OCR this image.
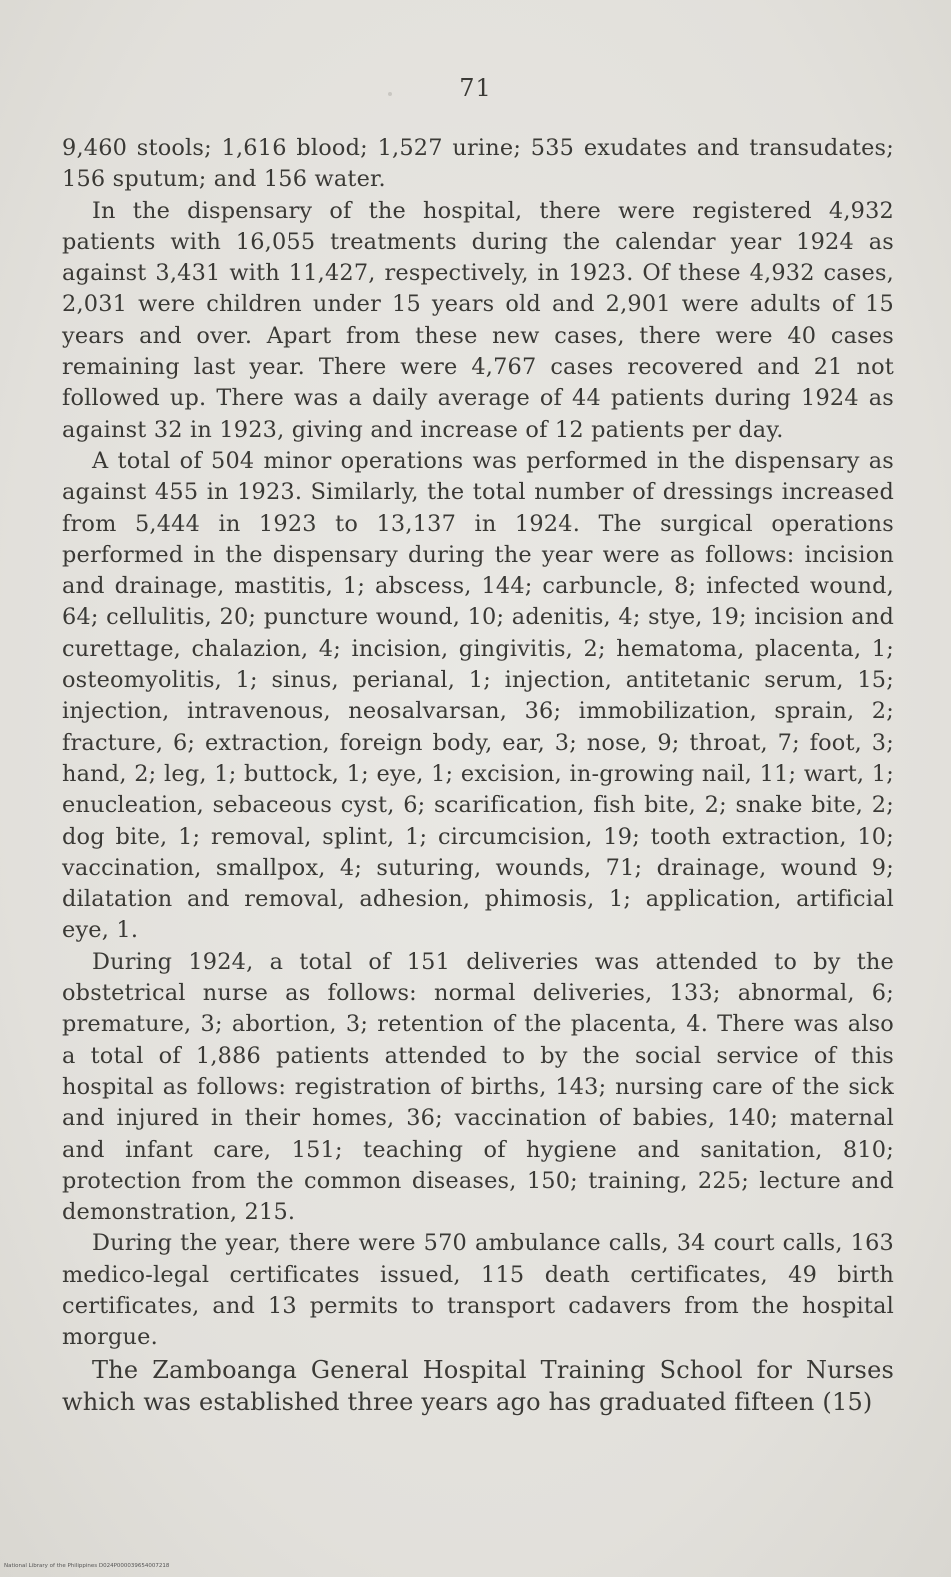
71

9,460 stools; 1,616 blood; 1,527 urine; 535 exudates and transudates; 156 sputum; and 156 water.

In the dispensary of the hospital, there were registered 4,932 patients with 16,055 treatments during the calendar year 1924 as against 3,431 with 11,427, respectively, in 1923. Of these 4,932 cases, 2,031 were children under 15 years old and 2,901 were adults of 15 years and over. Apart from these new cases, there were 40 cases remaining last year. There were 4,767 cases recovered and 21 not followed up. There was a daily average of 44 patients during 1924 as against 32 in 1923, giving and increase of 12 patients per day.

A total of 504 minor operations was performed in the dispensary as against 455 in 1923. Similarly, the total number of dressings increased from 5,444 in 1923 to 13,137 in 1924. The surgical operations performed in the dispensary during the year were as follows: incision and drainage, mastitis, 1; abscess, 144; carbuncle, 8; infected wound, 64; cellulitis, 20; puncture wound, 10; adenitis, 4; stye, 19; incision and curettage, chalazion, 4; incision, gingivitis, 2; hematoma, placenta, 1; osteomyolitis, 1; sinus, perianal, 1; injection, antitetanic serum, 15; injection, intravenous, neosalvarsan, 36; immobilization, sprain, 2; fracture, 6; extraction, foreign body, ear, 3; nose, 9; throat, 7; foot, 3; hand, 2; leg, 1; buttock, 1; eye, 1; excision, in-growing nail, 11; wart, 1; enucleation, sebaceous cyst, 6; scarification, fish bite, 2; snake bite, 2; dog bite, 1; removal, splint, 1; circumcision, 19; tooth extraction, 10; vaccination, smallpox, 4; suturing, wounds, 71; drainage, wound 9; dilatation and removal, adhesion, phimosis, 1; application, artificial eye, 1.

During 1924, a total of 151 deliveries was attended to by the obstetrical nurse as follows: normal deliveries, 133; abnormal, 6; premature, 3; abortion, 3; retention of the placenta, 4. There was also a total of 1,886 patients attended to by the social service of this hospital as follows: registration of births, 143; nursing care of the sick and injured in their homes, 36; vaccination of babies, 140; maternal and infant care, 151; teaching of hygiene and sanitation, 810; protection from the common diseases, 150; training, 225; lecture and demonstration, 215.

During the year, there were 570 ambulance calls, 34 court calls, 163 medico-legal certificates issued, 115 death certificates, 49 birth certificates, and 13 permits to transport cadavers from the hospital morgue.

The Zamboanga General Hospital Training School for Nurses which was established three years ago has graduated fifteen (15)

National Library of the Philippines D024P000039654007218
